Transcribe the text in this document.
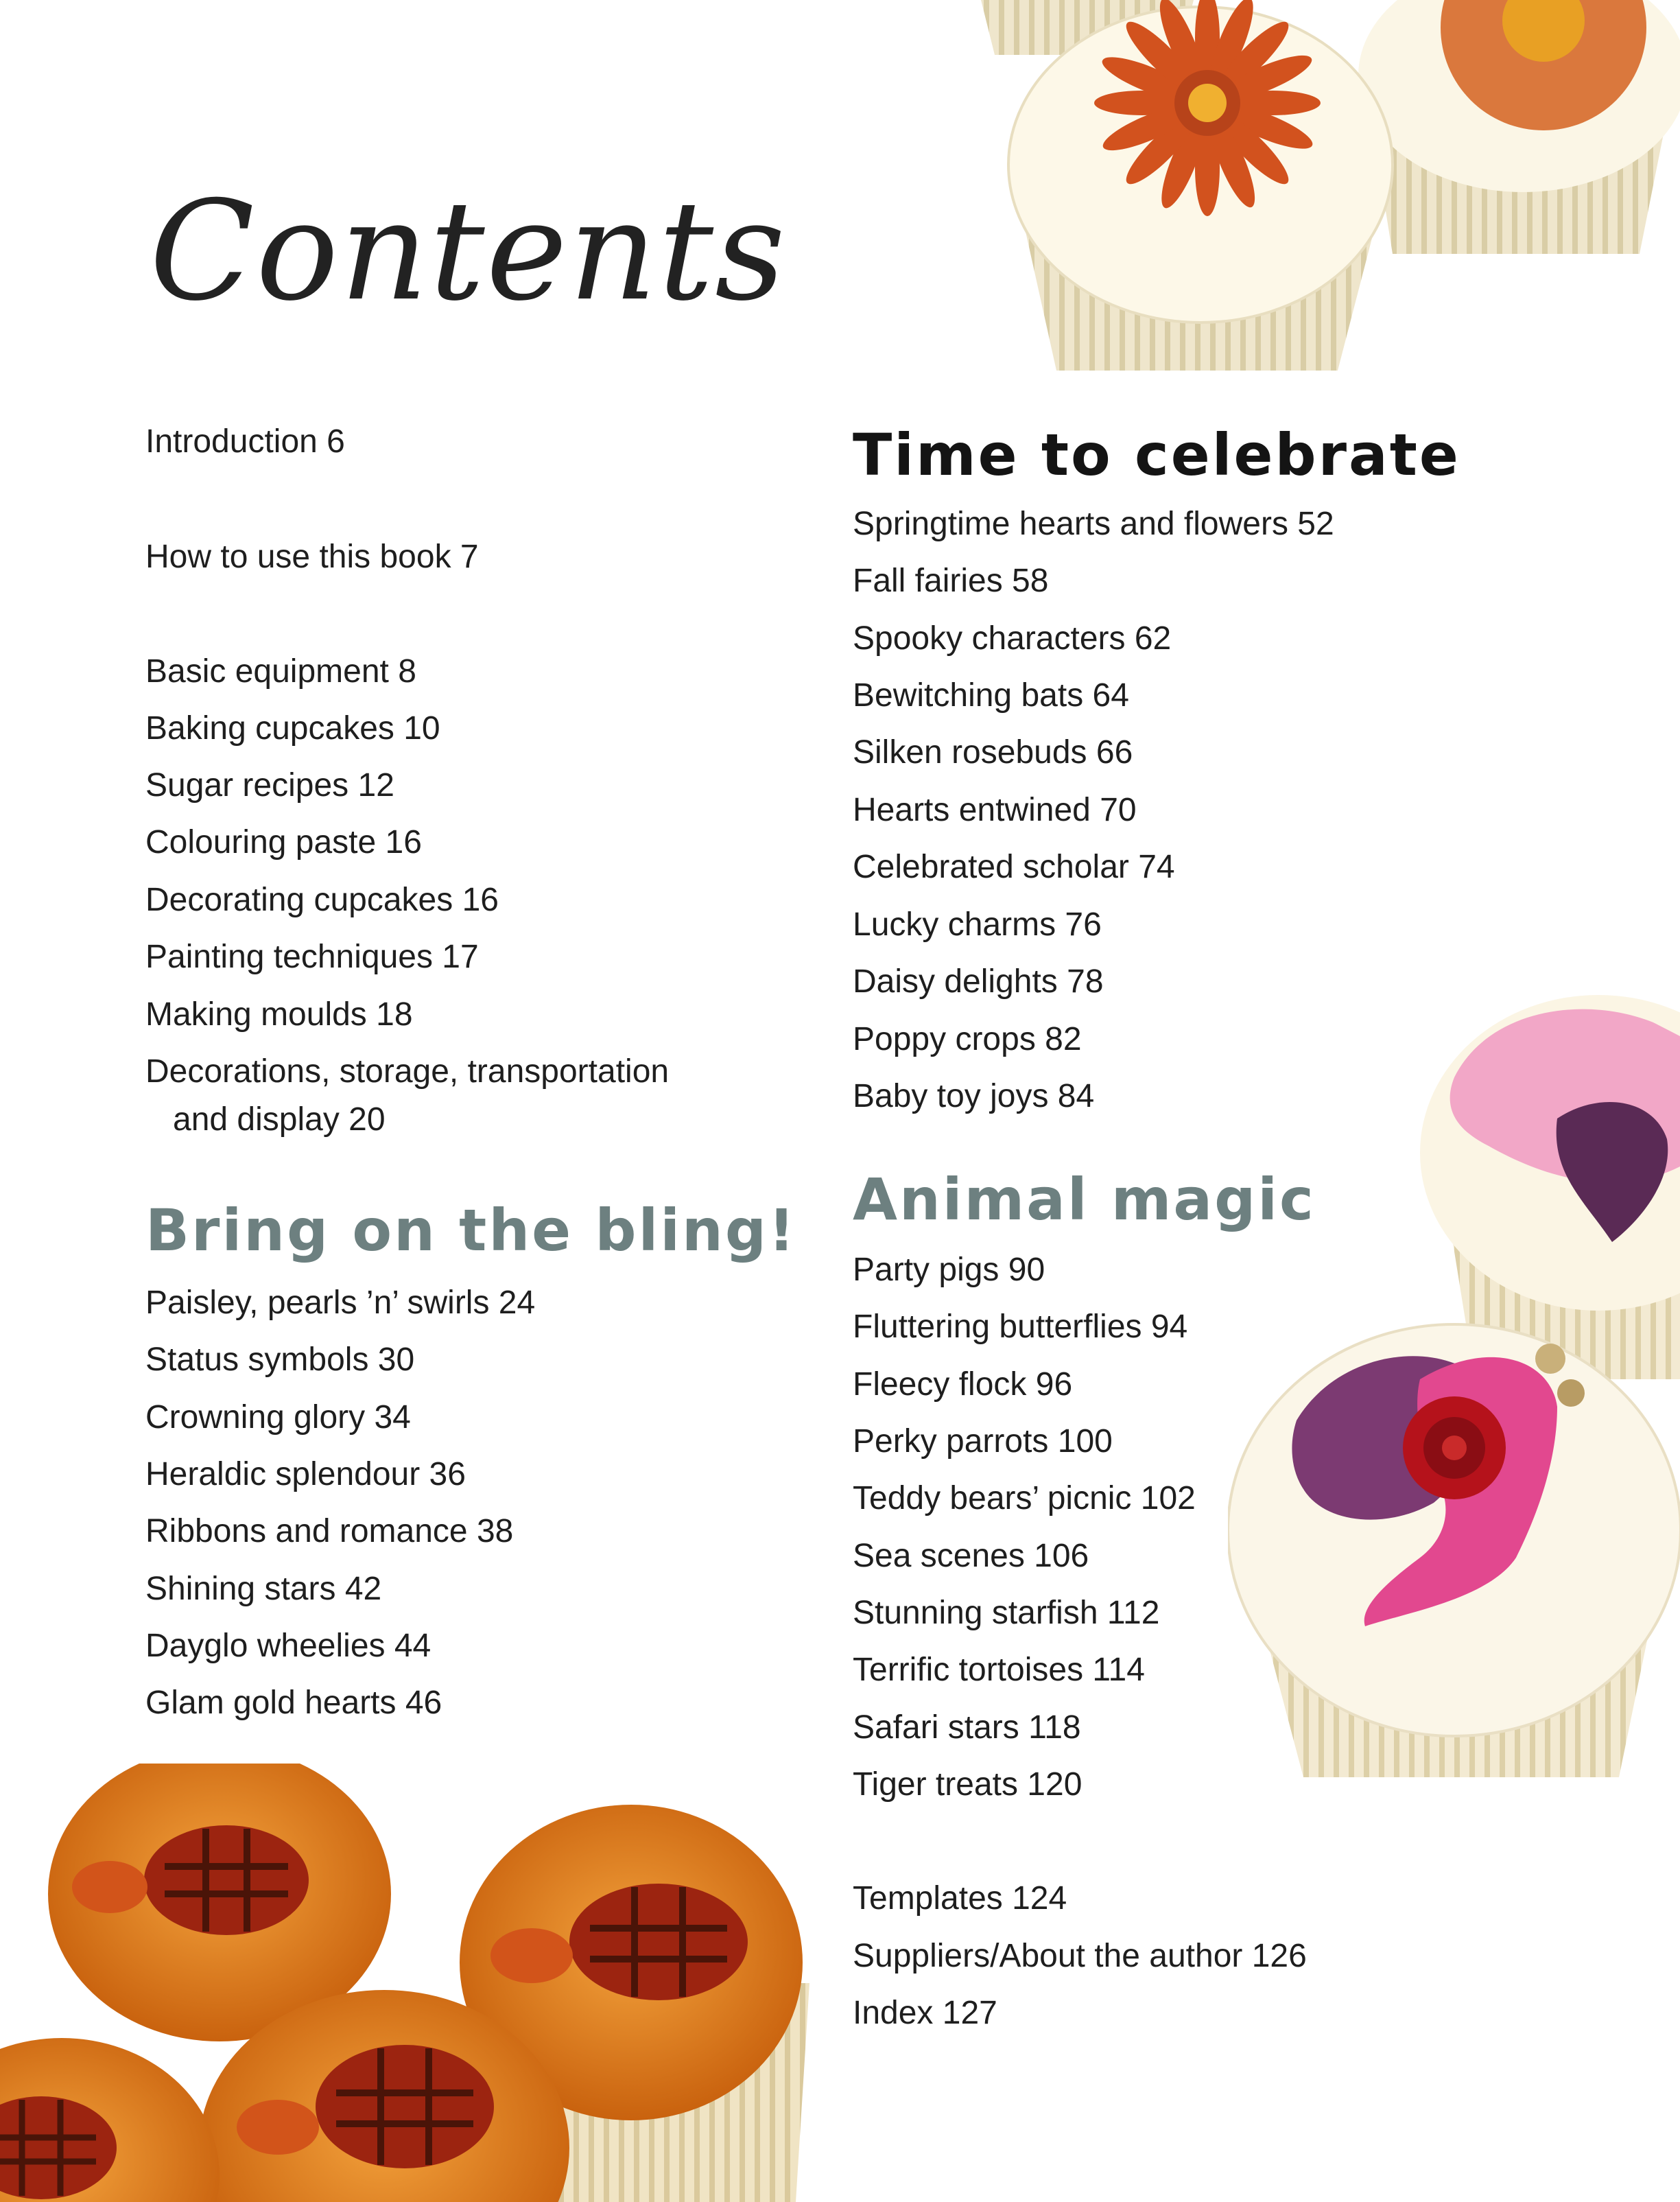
Contents
Introduction 6
How to use this book 7
Basic equipment 8
Baking cupcakes 10
Sugar recipes 12
Colouring paste 16
Decorating cupcakes 16
Painting techniques 17
Making moulds 18
Decorations, storage, transportation
and display 20
Bring on the bling!
Paisley, pearls ’n’ swirls 24
Status symbols 30
Crowning glory 34
Heraldic splendour 36
Ribbons and romance 38
Shining stars 42
Dayglo wheelies 44
Glam gold hearts 46
Time to celebrate
Springtime hearts and flowers 52
Fall fairies 58
Spooky characters 62
Bewitching bats 64
Silken rosebuds 66
Hearts entwined 70
Celebrated scholar 74
Lucky charms 76
Daisy delights 78
Poppy crops 82
Baby toy joys 84
Animal magic
Party pigs 90
Fluttering butterflies 94
Fleecy flock 96
Perky parrots 100
Teddy bears’ picnic 102
Sea scenes 106
Stunning starfish 112
Terrific tortoises 114
Safari stars 118
Tiger treats 120
Templates 124
Suppliers/About the author 126
Index 127
